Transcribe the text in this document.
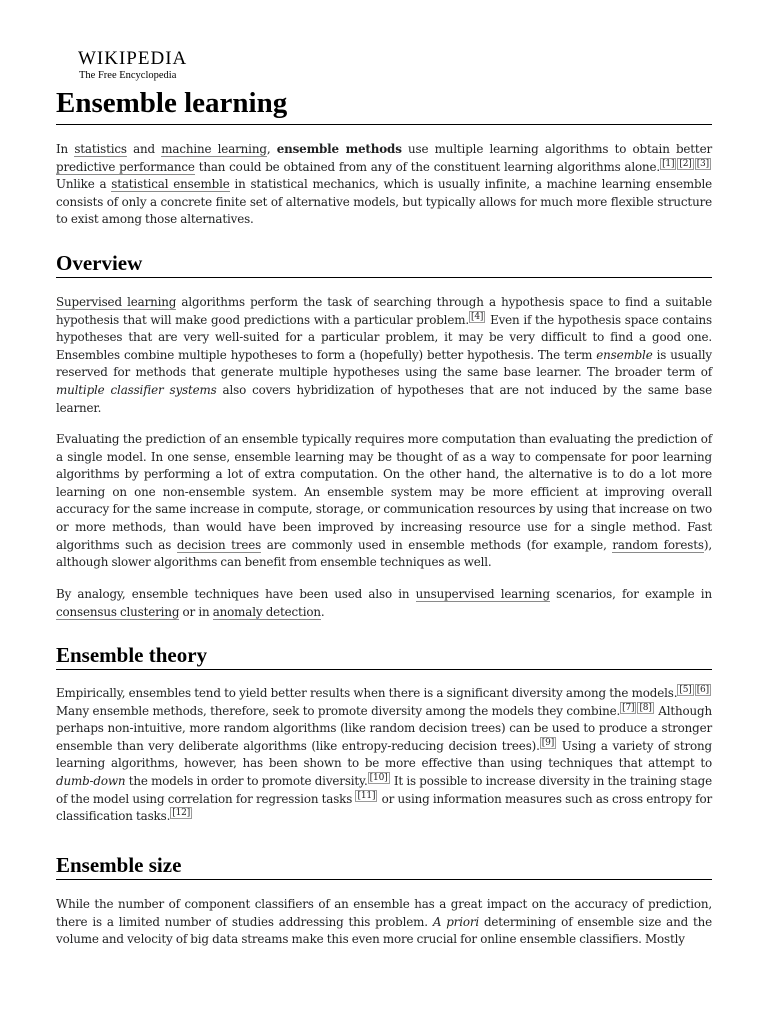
WIKIPEDIA
The Free Encyclopedia
Ensemble learning

In statistics and machine learning, ensemble methods use multiple learning algorithms to obtain better predictive performance than could be obtained from any of the constituent learning algorithms alone. [1] [2] [3] Unlike a statistical ensemble in statistical mechanics, which is usually infinite, a machine learning ensemble consists of only a concrete finite set of alternative models, but typically allows for much more flexible structure to exist among those alternatives.

Overview

Supervised learning algorithms perform the task of searching through a hypothesis space to find a suitable hypothesis that will make good predictions with a particular problem. [4] Even if the hypothesis space contains hypotheses that are very well-suited for a particular problem, it may be very difficult to find a good one. Ensembles combine multiple hypotheses to form a (hopefully) better hypothesis. The term ensemble is usually reserved for methods that generate multiple hypotheses using the same base learner. The broader term of multiple classifier systems also covers hybridization of hypotheses that are not induced by the same base learner.

Evaluating the prediction of an ensemble typically requires more computation than evaluating the prediction of a single model. In one sense, ensemble learning may be thought of as a way to compensate for poor learning algorithms by performing a lot of extra computation. On the other hand, the alternative is to do a lot more learning on one non-ensemble system. An ensemble system may be more efficient at improving overall accuracy for the same increase in compute, storage, or communication resources by using that increase on two or more methods, than would have been improved by increasing resource use for a single method. Fast algorithms such as decision trees are commonly used in ensemble methods (for example, random forests), although slower algorithms can benefit from ensemble techniques as well.

By analogy, ensemble techniques have been used also in unsupervised learning scenarios, for example in consensus clustering or in anomaly detection.

Ensemble theory

Empirically, ensembles tend to yield better results when there is a significant diversity among the models. [5] [6] Many ensemble methods, therefore, seek to promote diversity among the models they combine. [7] [8] Although perhaps non-intuitive, more random algorithms (like random decision trees) can be used to produce a stronger ensemble than very deliberate algorithms (like entropy-reducing decision trees). [9] Using a variety of strong learning algorithms, however, has been shown to be more effective than using techniques that attempt to dumb-down the models in order to promote diversity. [10] It is possible to increase diversity in the training stage of the model using correlation for regression tasks [11] or using information measures such as cross entropy for classification tasks. [12]

Ensemble size

While the number of component classifiers of an ensemble has a great impact on the accuracy of prediction, there is a limited number of studies addressing this problem. A priori determining of ensemble size and the volume and velocity of big data streams make this even more crucial for online ensemble classifiers. Mostly
